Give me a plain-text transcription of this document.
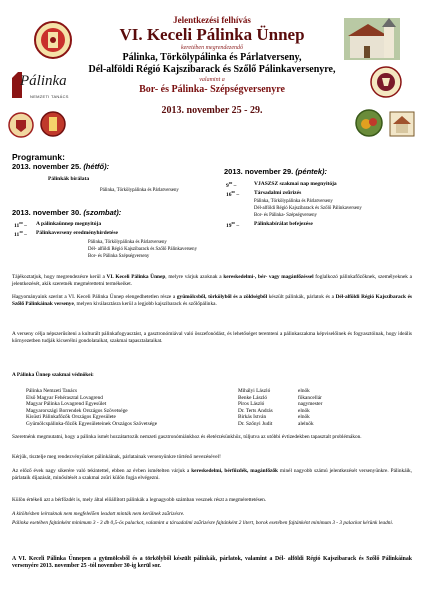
Pálinka
NEMZETI TANÁCS
Jelentkezési felhívás
VI. Keceli Pálinka Ünnep
keretében megrendezendő
Pálinka, Törkölypálinka és Párlatverseny,
Dél-alföldi Régió Kajszibarack és Szőlő Pálinkaversenyre,
valamint a
Bor- és Pálinka- Szépségversenyre
2013. november 25 - 29.
Programunk:
2013. november 25. (hétfő):
Pálinkák bírálata
Pálinka, Törkölypálinka és Párlatverseny
2013. november 30. (szombat):
$11^{00}$ – A pálinkaünnep megnyitója
$11^{30}$ – Pálinkaverseny eredményhirdetése
Pálinka, Törkölypálinka és Párlatverseny
Dél- alföldi Régió Kajszibarack és Szőlő Pálinkaverseny
Bor- és Pálinka Szépségverseny
2013. november 29. (péntek):
$9^{00}$ –	VJASZSZ szakmai nap megnyitója
$16^{00}$ –	Társadalmi zsűrizés
Pálinka, Törkölypálinka és Párlatverseny
Dél-alföldi Régió Kajszibarack és Szőlő Pálinkaverseny
Bor- és Pálinka- Szépségverseny
$19^{00}$ –	Pálinkabírálat befejezése
Tájékoztatjuk, hogy megrendezésre kerül a VI. Keceli Pálinka Ünnep, melyre várjuk azoknak a kereskedelmi-, bér- vagy magánfőzéssel foglalkozó pálinkafőzőknek, személyeknek a jelentkezését, akik szeretnék megmérettetni termékeiket.
Hagyományaink szerint a VI. Keceli Pálinka Ünnep elengedhetetlen része a gyümölcsből, törkölyből és a zöldségből készült pálinkák, párlatok és a Dél-alföldi Régió Kajszibarack és Szőlő Pálinkáinak versenye, melyen kiválasztásra kerül a legjobb kajszibarack és szőlőpálinka.
A verseny célja népszerűsíteni a kulturált pálinkafogyasztást, a gasztronómiával való összefonódást, és lehetőséget teremteni a pálinkaszakma képviselőinek és fogyasztóinak, hogy ideális környezetben tudják kicserélni gondolataikat, szakmai tapasztalataikat.
A Pálinka Ünnep szakmai védnökei:
Pálinka Nemzeti Tanács	Mihályi László	elnök
Első Magyar Fehérasztal Lovagrend	Benke László	főkancellár
Magyar Pálinka Lovagrend Egyesület	Piros László	nagymester
Magyarországi Borrendek Országos Szövetsége	Dr. Terts András	elnök
Kisüsti Pálinkafőzők Országos Egyesülete	Birkás István	elnök
Gyümölcspálinka-főzők Egyesületeinek Országos Szövetsége	Dr. Szőnyi Judit	alelnök
Szeretnénk megmutatni, hogy a pálinka ismét hozzátartozik nemzeti gasztronómiánkhoz és életérzésünkhöz, túljutva az utóbbi évtizedekben tapasztalt problémákon.
Kérjük, tisztelje meg rendezvényünket pálinkáinak, párlatainak versenyünkre történő nevezésével!
Az előző évek nagy sikerére való tekintettel, ebben az évben ismételten várjuk a kereskedelmi, bérfőzdék, magánfőzők minél nagyobb számú jelentkezését versenyünkre. Pálinkáik, párlataik díjazását, minősítését a szakmai zsűri külön fogja elvégezni.
Külön értékeli azt a bérfőzdét is, mely által előállított pálinkák a legnagyobb számban vesznek részt a megmérettetésen.
A kitöltésben leírtaknak nem megfelelően leadott minták nem kerülnek zsűrizésre.
Pálinka esetében fajtánként minimum 3 - 3 db 0,5-ös palackot, valamint a társadalmi zsűrizésre fajtánként 2 litert, borok esetében fajtánként minimum 3 - 3 palackot kérünk leadni.
A VI. Keceli Pálinka Ünnepen a gyümölcsből és a törkölyből készült pálinkák, párlatok, valamint a Dél- alföldi Régió Kajszibarack és Szőlő Pálinkáinak versenyére 2013. november 25 -tól november 30-ig kerül sor.
